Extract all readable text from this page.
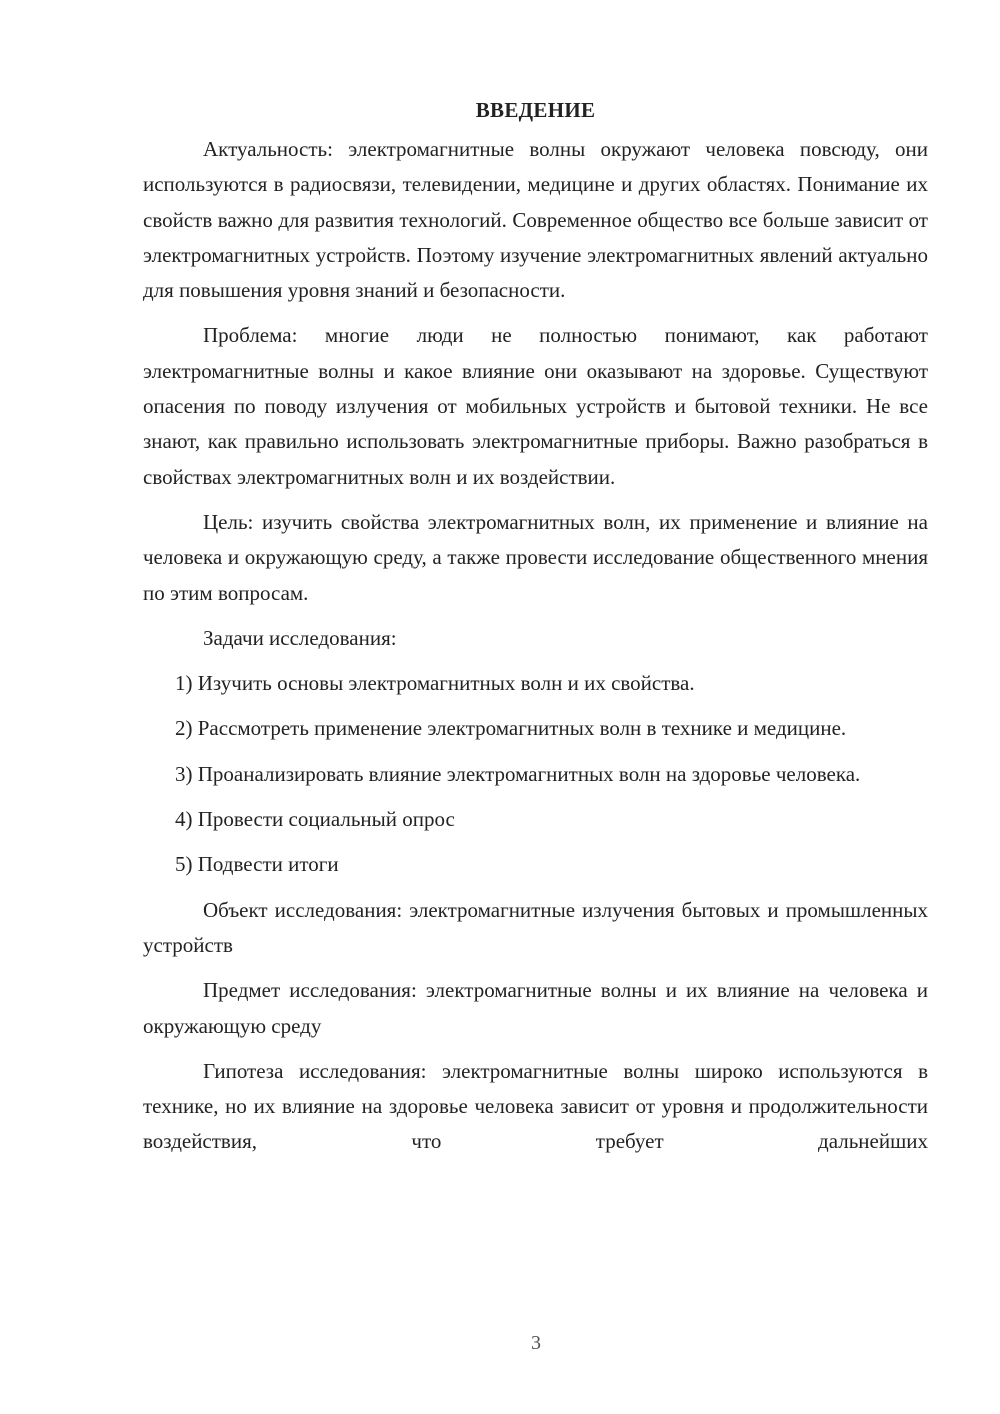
ВВЕДЕНИЕ

Актуальность: электромагнитные волны окружают человека повсюду, они используются в радиосвязи, телевидении, медицине и других областях. Понимание их свойств важно для развития технологий. Современное общество все больше зависит от электромагнитных устройств. Поэтому изучение электромагнитных явлений актуально для повышения уровня знаний и безопасности.

Проблема: многие люди не полностью понимают, как работают электромагнитные волны и какое влияние они оказывают на здоровье. Существуют опасения по поводу излучения от мобильных устройств и бытовой техники. Не все знают, как правильно использовать электромагнитные приборы. Важно разобраться в свойствах электромагнитных волн и их воздействии.

Цель: изучить свойства электромагнитных волн, их применение и влияние на человека и окружающую среду, а также провести исследование общественного мнения по этим вопросам.

Задачи исследования:

1) Изучить основы электромагнитных волн и их свойства.

2) Рассмотреть применение электромагнитных волн в технике и медицине.

3) Проанализировать влияние электромагнитных волн на здоровье человека.

4) Провести социальный опрос

5) Подвести итоги

Объект исследования: электромагнитные излучения бытовых и промышленных устройств

Предмет исследования: электромагнитные волны и их влияние на человека и окружающую среду

Гипотеза исследования: электромагнитные волны широко используются в технике, но их влияние на здоровье человека зависит от уровня и продолжительности воздействия, что требует дальнейших

3
